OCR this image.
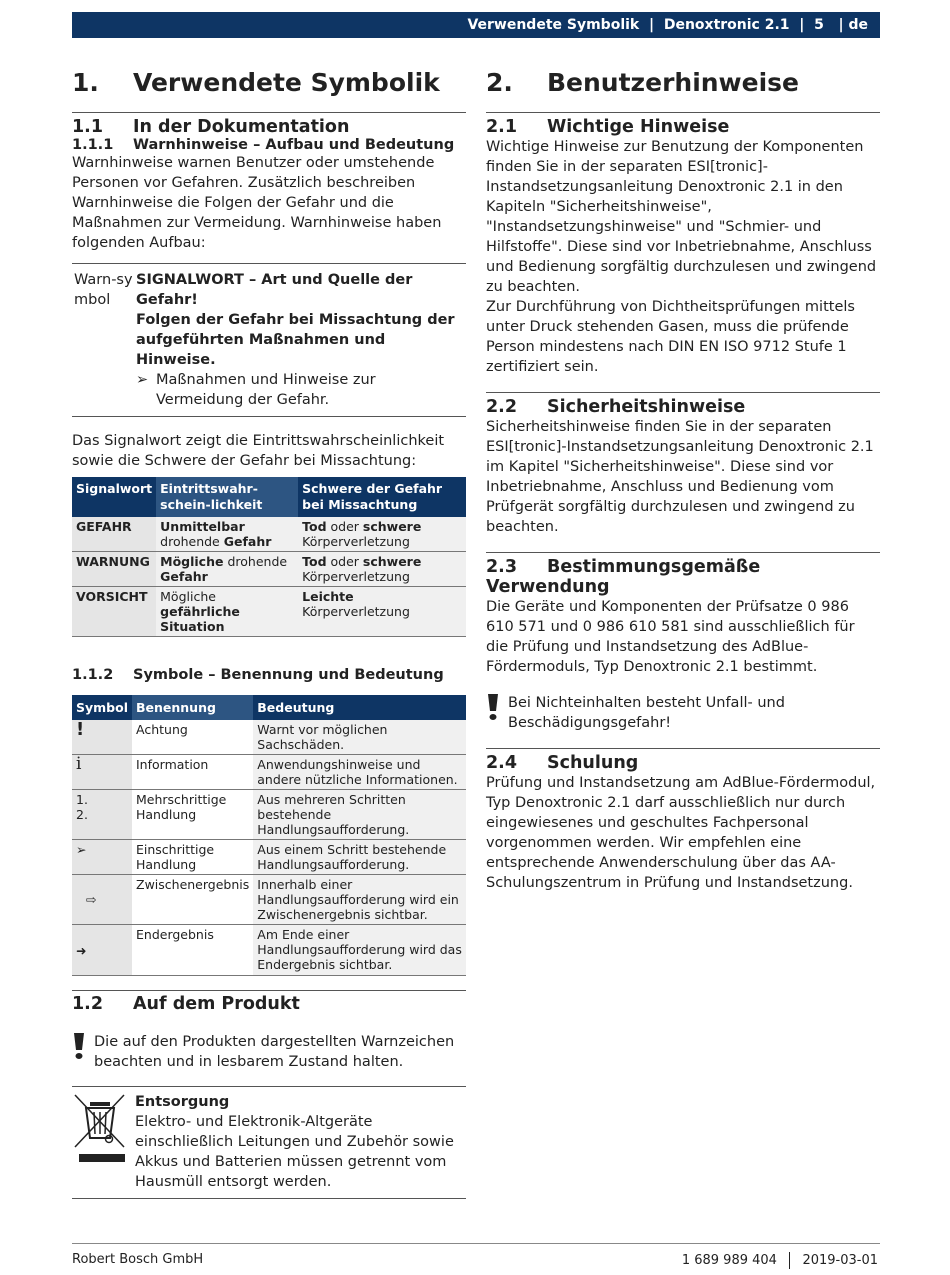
Verwendete Symbolik  |  Denoxtronic 2.1  |  5   | de
1. Verwendete Symbolik
1.1 In der Dokumentation
1.1.1 Warnhinweise – Aufbau und Bedeutung

Warnhinweise warnen Benutzer oder umstehende Personen vor Gefahren. Zusätzlich beschreiben Warnhinweise die Folgen der Gefahr und die Maßnahmen zur Vermeidung. Warnhinweise haben folgenden Aufbau:

Warn-symbol
SIGNALWORT – Art und Quelle der Gefahr!
Folgen der Gefahr bei Missachtung der aufgeführten Maßnahmen und Hinweise.
➢ Maßnahmen und Hinweise zur Vermeidung der Gefahr.

Das Signalwort zeigt die Eintrittswahrscheinlichkeit sowie die Schwere der Gefahr bei Missachtung:

Signalwort	Eintrittswahr-schein-lichkeit	Schwere der Gefahr bei Missachtung
GEFAHR	Unmittelbar drohende Gefahr	Tod oder schwere Körperverletzung
WARNUNG	Mögliche drohende Gefahr	Tod oder schwere Körperverletzung
VORSICHT	Mögliche gefährliche Situation	Leichte Körperverletzung
1.1.2 Symbole – Benennung und Bedeutung
Symbol	Benennung	Bedeutung
!	Achtung	Warnt vor möglichen Sachschäden.
i	Information	Anwendungshinweise und andere nützliche Informationen.
1.
2.	Mehrschrittige Handlung	Aus mehreren Schritten bestehende Handlungsaufforderung.
➢	Einschrittige Handlung	Aus einem Schritt bestehende Handlungsaufforderung.
⇨	Zwischenergebnis	Innerhalb einer Handlungsaufforderung wird ein Zwischenergebnis sichtbar.
➜	Endergebnis	Am Ende einer Handlungsaufforderung wird das Endergebnis sichtbar.
1.2 Auf dem Produkt

Die auf den Produkten dargestellten Warnzeichen beachten und in lesbarem Zustand halten.

Entsorgung

Elektro- und Elektronik-Altgeräte einschließlich Leitungen und Zubehör sowie Akkus und Batterien müssen getrennt vom Hausmüll entsorgt werden.

2. Benutzerhinweise
2.1 Wichtige Hinweise

Wichtige Hinweise zur Benutzung der Komponenten finden Sie in der separaten ESI[tronic]-Instandsetzungsanleitung Denoxtronic 2.1 in den Kapiteln "Sicherheitshinweise", "Instandsetzungshinweise" und "Schmier- und Hilfstoffe". Diese sind vor Inbetriebnahme, Anschluss und Bedienung sorgfältig durchzulesen und zwingend zu beachten.

Zur Durchführung von Dichtheitsprüfungen mittels unter Druck stehenden Gasen, muss die prüfende Person mindestens nach DIN EN ISO 9712 Stufe 1 zertifiziert sein.

2.2 Sicherheitshinweise

Sicherheitshinweise finden Sie in der separaten ESI[tronic]-Instandsetzungsanleitung Denoxtronic 2.1 im Kapitel "Sicherheitshinweise". Diese sind vor Inbetriebnahme, Anschluss und Bedienung vom Prüfgerät sorgfältig durchzulesen und zwingend zu beachten.

2.3 Bestimmungsgemäße Verwendung

Die Geräte und Komponenten der Prüfsatze 0 986 610 571 und 0 986 610 581 sind ausschließlich für die Prüfung und Instandsetzung des AdBlue-Fördermoduls, Typ Denoxtronic 2.1 bestimmt.

Bei Nichteinhalten besteht Unfall- und Beschädigungsgefahr!

2.4 Schulung

Prüfung und Instandsetzung am AdBlue-Fördermodul, Typ Denoxtronic 2.1 darf ausschließlich nur durch eingewiesenes und geschultes Fachpersonal vorgenommen werden. Wir empfehlen eine entsprechende Anwenderschulung über das AA-Schulungszentrum in Prüfung und Instandsetzung.

Robert Bosch GmbH	1 689 989 404 2019-03-01
